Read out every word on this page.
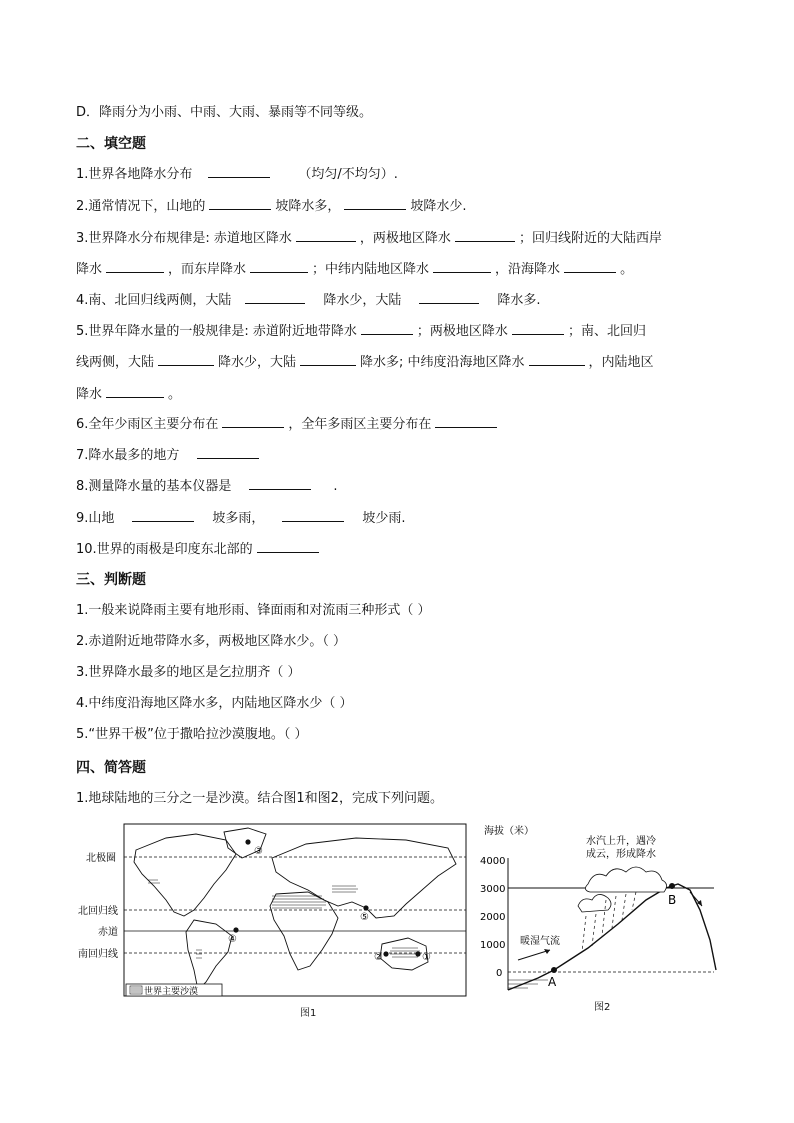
D．降雨分为小雨、中雨、大雨、暴雨等不同等级。
二、填空题
1.世界各地降水分布	（均匀/不均匀）.
2.通常情况下，山地的	坡降水多，	坡降水少.
3.世界降水分布规律是: 赤道地区降水	，两极地区降水	；回归线附近的大陆西岸
降水	，而东岸降水	；中纬内陆地区降水	，沿海降水	。
4.南、北回归线两侧，大陆	降水少，大陆	降水多.
5.世界年降水量的一般规律是: 赤道附近地带降水	；两极地区降水	；南、北回归
线两侧，大陆	降水少，大陆	降水多; 中纬度沿海地区降水	，内陆地区
降水	。
6.全年少雨区主要分布在	，全年多雨区主要分布在
7.降水最多的地方
8.测量降水量的基本仪器是	.
9.山地	坡多雨，	坡少雨.
10.世界的雨极是印度东北部的
三、判断题
1.一般来说降雨主要有地形雨、锋面雨和对流雨三种形式（ ）
2.赤道附近地带降水多，两极地区降水少。（ ）
3.世界降水最多的地区是乞拉朋齐（ ）
4.中纬度沿海地区降水多，内陆地区降水少（ ）
5.“世界干极”位于撒哈拉沙漠腹地。（ ）
四、简答题
1.地球陆地的三分之一是沙漠。结合图1和图2，完成下列问题。
北极圈
北回归线
赤道
南回归线
③
④
⑤
②	①
世界主要沙漠
图1
海拔（米）
4000
3000
2000
1000
0
水汽上升，遇冷
成云，形成降水
暖湿气流
A
B
图2
